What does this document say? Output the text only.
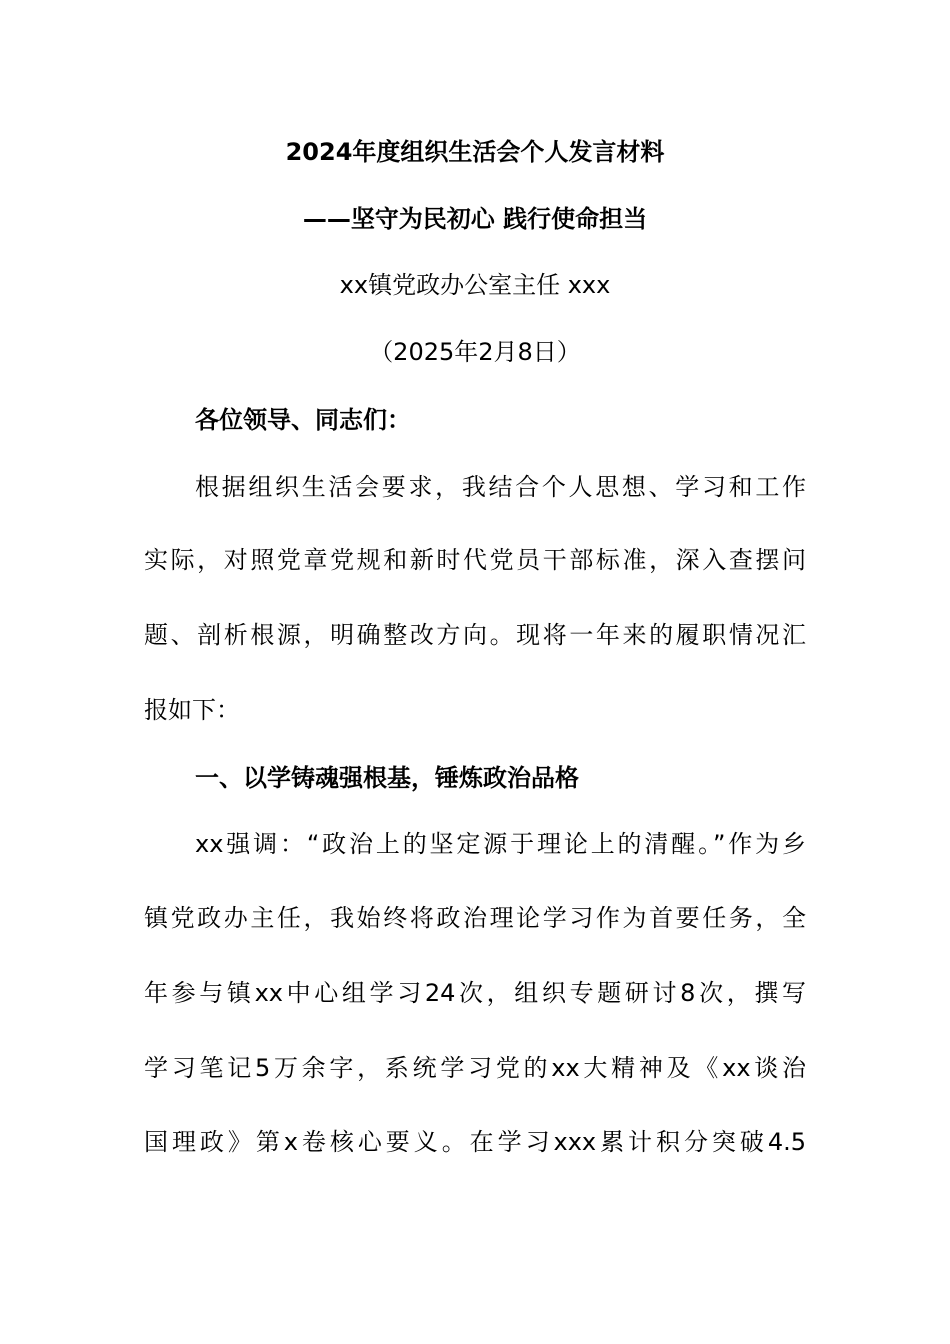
2024年度组织生活会个人发言材料
——坚守为民初心 践行使命担当
xx镇党政办公室主任 xxx
（2025年2月8日）
各位领导、同志们：
根据组织生活会要求，我结合个人思想、学习和工作
实际，对照党章党规和新时代党员干部标准，深入查摆问
题、剖析根源，明确整改方向。现将一年来的履职情况汇
报如下：
一、以学铸魂强根基，锤炼政治品格
xx强调：“政治上的坚定源于理论上的清醒。”作为乡
镇党政办主任，我始终将政治理论学习作为首要任务，全
年参与镇xx中心组学习24次，组织专题研讨8次，撰写
学习笔记5万余字，系统学习党的xx大精神及《xx谈治
国理政》第x卷核心要义。在学习xxx累计积分突破4.5
